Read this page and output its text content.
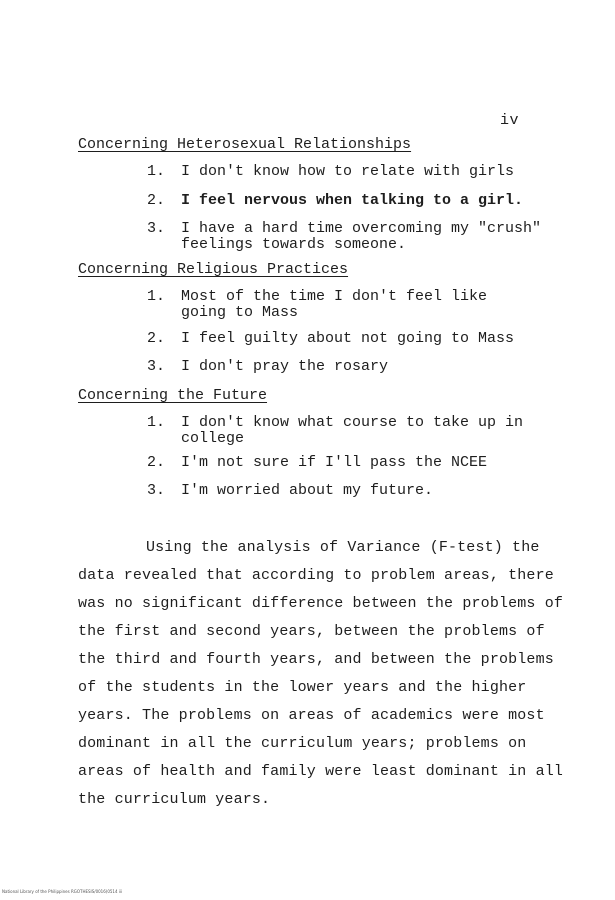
iv
Concerning Heterosexual Relationships
1. I don't know how to relate with girls
2. I feel nervous when talking to a girl.
3. I have a hard time overcoming my "crush"
feelings towards someone.
Concerning Religious Practices
1. Most of the time I don't feel like
going to Mass
2. I feel guilty about not going to Mass
3. I don't pray the rosary
Concerning the Future
1. I don't know what course to take up in
college
2. I'm not sure if I'll pass the NCEE
3. I'm worried about my future.
Using the analysis of Variance (F-test) the
data revealed that according to problem areas, there
was no significant difference between the problems of
the first and second years, between the problems of
the third and fourth years, and between the problems
of the students in the lower years and the higher
years. The problems on areas of academics were most
dominant in all the curriculum years; problems on
areas of health and family were least dominant in all
the curriculum years.
National Library of the Philippines RGOTHESIS/0016(0514 iii
